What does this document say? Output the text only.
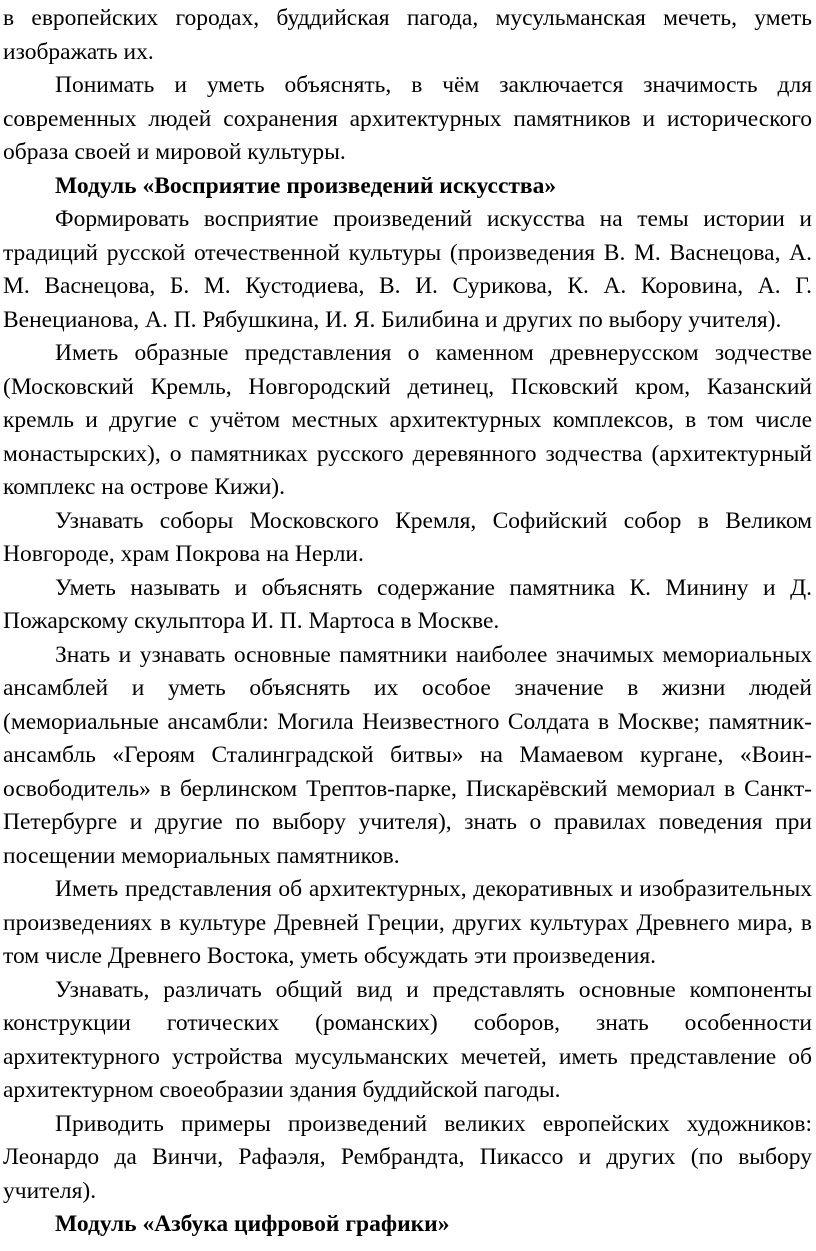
в европейских городах, буддийская пагода, мусульманская мечеть, уметь изображать их.

Понимать и уметь объяснять, в чём заключается значимость для современных людей сохранения архитектурных памятников и исторического образа своей и мировой культуры.

Модуль «Восприятие произведений искусства»

Формировать восприятие произведений искусства на темы истории и традиций русской отечественной культуры (произведения В. М. Васнецова, А. М. Васнецова, Б. М. Кустодиева, В. И. Сурикова, К. А. Коровина, А. Г. Венецианова, А. П. Рябушкина, И. Я. Билибина и других по выбору учителя).

Иметь образные представления о каменном древнерусском зодчестве (Московский Кремль, Новгородский детинец, Псковский кром, Казанский кремль и другие с учётом местных архитектурных комплексов, в том числе монастырских), о памятниках русского деревянного зодчества (архитектурный комплекс на острове Кижи).

Узнавать соборы Московского Кремля, Софийский собор в Великом Новгороде, храм Покрова на Нерли.

Уметь называть и объяснять содержание памятника К. Минину и Д. Пожарскому скульптора И. П. Мартоса в Москве.

Знать и узнавать основные памятники наиболее значимых мемориальных ансамблей и уметь объяснять их особое значение в жизни людей (мемориальные ансамбли: Могила Неизвестного Солдата в Москве; памятник-ансамбль «Героям Сталинградской битвы» на Мамаевом кургане, «Воин-освободитель» в берлинском Трептов-парке, Пискарёвский мемориал в Санкт-Петербурге и другие по выбору учителя), знать о правилах поведения при посещении мемориальных памятников.

Иметь представления об архитектурных, декоративных и изобразительных произведениях в культуре Древней Греции, других культурах Древнего мира, в том числе Древнего Востока, уметь обсуждать эти произведения.

Узнавать, различать общий вид и представлять основные компоненты конструкции готических (романских) соборов, знать особенности архитектурного устройства мусульманских мечетей, иметь представление об архитектурном своеобразии здания буддийской пагоды.

Приводить примеры произведений великих европейских художников: Леонардо да Винчи, Рафаэля, Рембрандта, Пикассо и других (по выбору учителя).

Модуль «Азбука цифровой графики»
